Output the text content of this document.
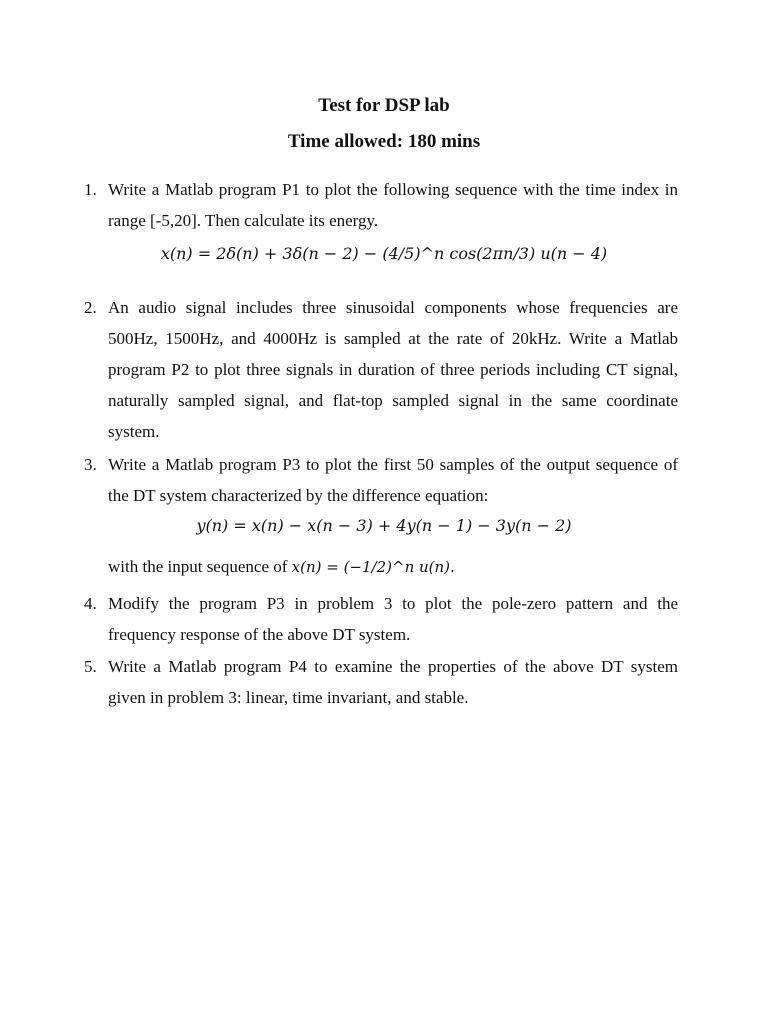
Test for DSP lab
Time allowed: 180 mins
1. Write a Matlab program P1 to plot the following sequence with the time index in range [-5,20]. Then calculate its energy.
x(n) = 2δ(n) + 3δ(n − 2) − (4/5)^n cos(2πn/3) u(n − 4)
2. An audio signal includes three sinusoidal components whose frequencies are 500Hz, 1500Hz, and 4000Hz is sampled at the rate of 20kHz. Write a Matlab program P2 to plot three signals in duration of three periods including CT signal, naturally sampled signal, and flat-top sampled signal in the same coordinate system.
3. Write a Matlab program P3 to plot the first 50 samples of the output sequence of the DT system characterized by the difference equation:
y(n) = x(n) − x(n − 3) + 4y(n − 1) − 3y(n − 2)
with the input sequence of x(n) = (−1/2)^n u(n).
4. Modify the program P3 in problem 3 to plot the pole-zero pattern and the frequency response of the above DT system.
5. Write a Matlab program P4 to examine the properties of the above DT system given in problem 3: linear, time invariant, and stable.
